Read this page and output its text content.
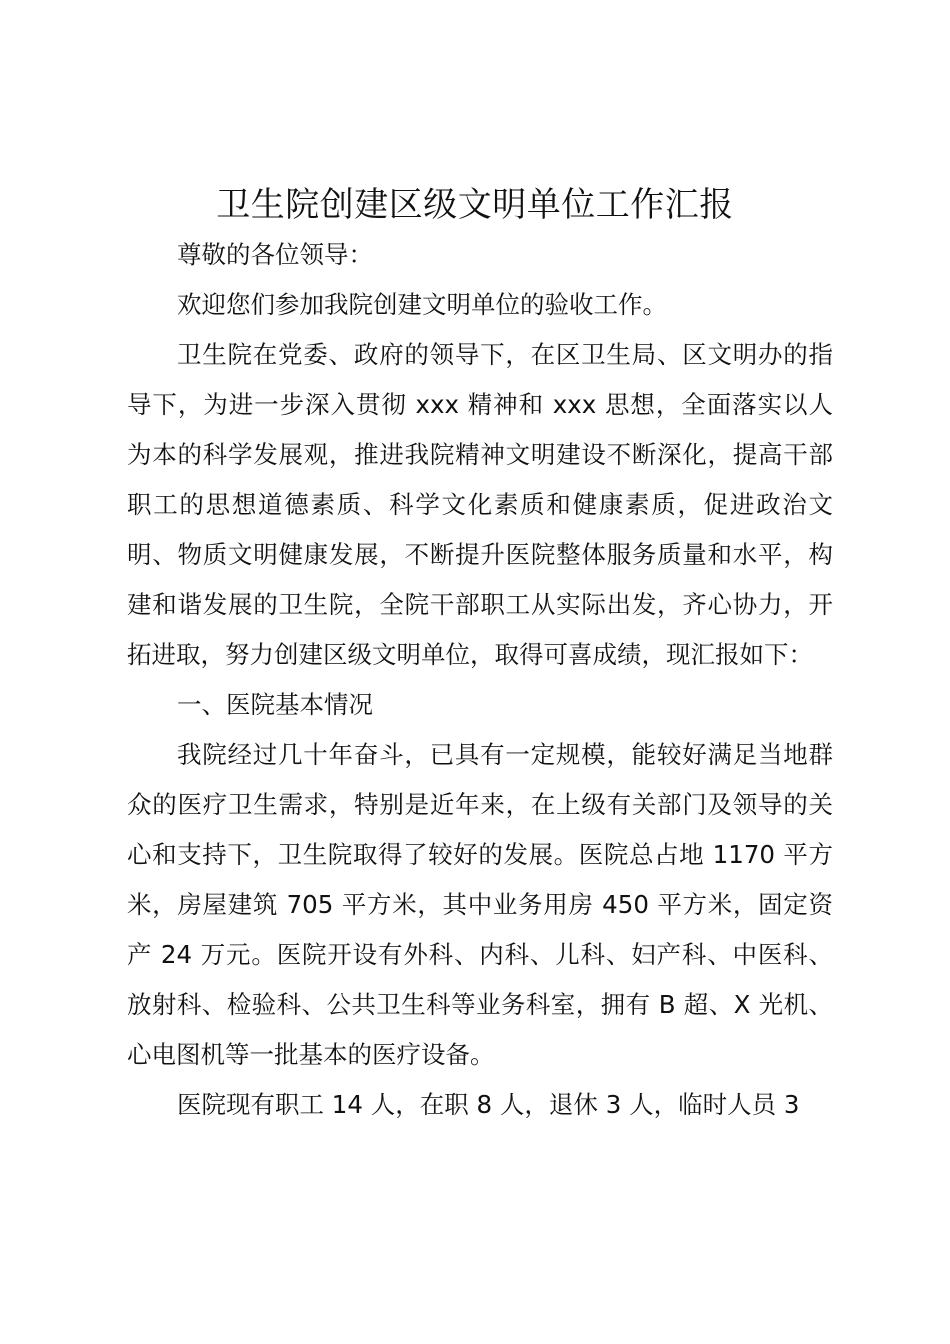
卫生院创建区级文明单位工作汇报

尊敬的各位领导：

欢迎您们参加我院创建文明单位的验收工作。

卫生院在党委、政府的领导下，在区卫生局、区文明办的指导下，为进一步深入贯彻 xxx 精神和 xxx 思想，全面落实以人为本的科学发展观，推进我院精神文明建设不断深化，提高干部职工的思想道德素质、科学文化素质和健康素质，促进政治文明、物质文明健康发展，不断提升医院整体服务质量和水平，构建和谐发展的卫生院，全院干部职工从实际出发，齐心协力，开拓进取，努力创建区级文明单位，取得可喜成绩，现汇报如下：

一、医院基本情况

我院经过几十年奋斗，已具有一定规模，能较好满足当地群众的医疗卫生需求，特别是近年来，在上级有关部门及领导的关心和支持下，卫生院取得了较好的发展。医院总占地 1170 平方米，房屋建筑 705 平方米，其中业务用房 450 平方米，固定资产 24 万元。医院开设有外科、内科、儿科、妇产科、中医科、放射科、检验科、公共卫生科等业务科室，拥有 B 超、X 光机、心电图机等一批基本的医疗设备。

医院现有职工 14 人，在职 8 人，退休 3 人，临时人员 3
